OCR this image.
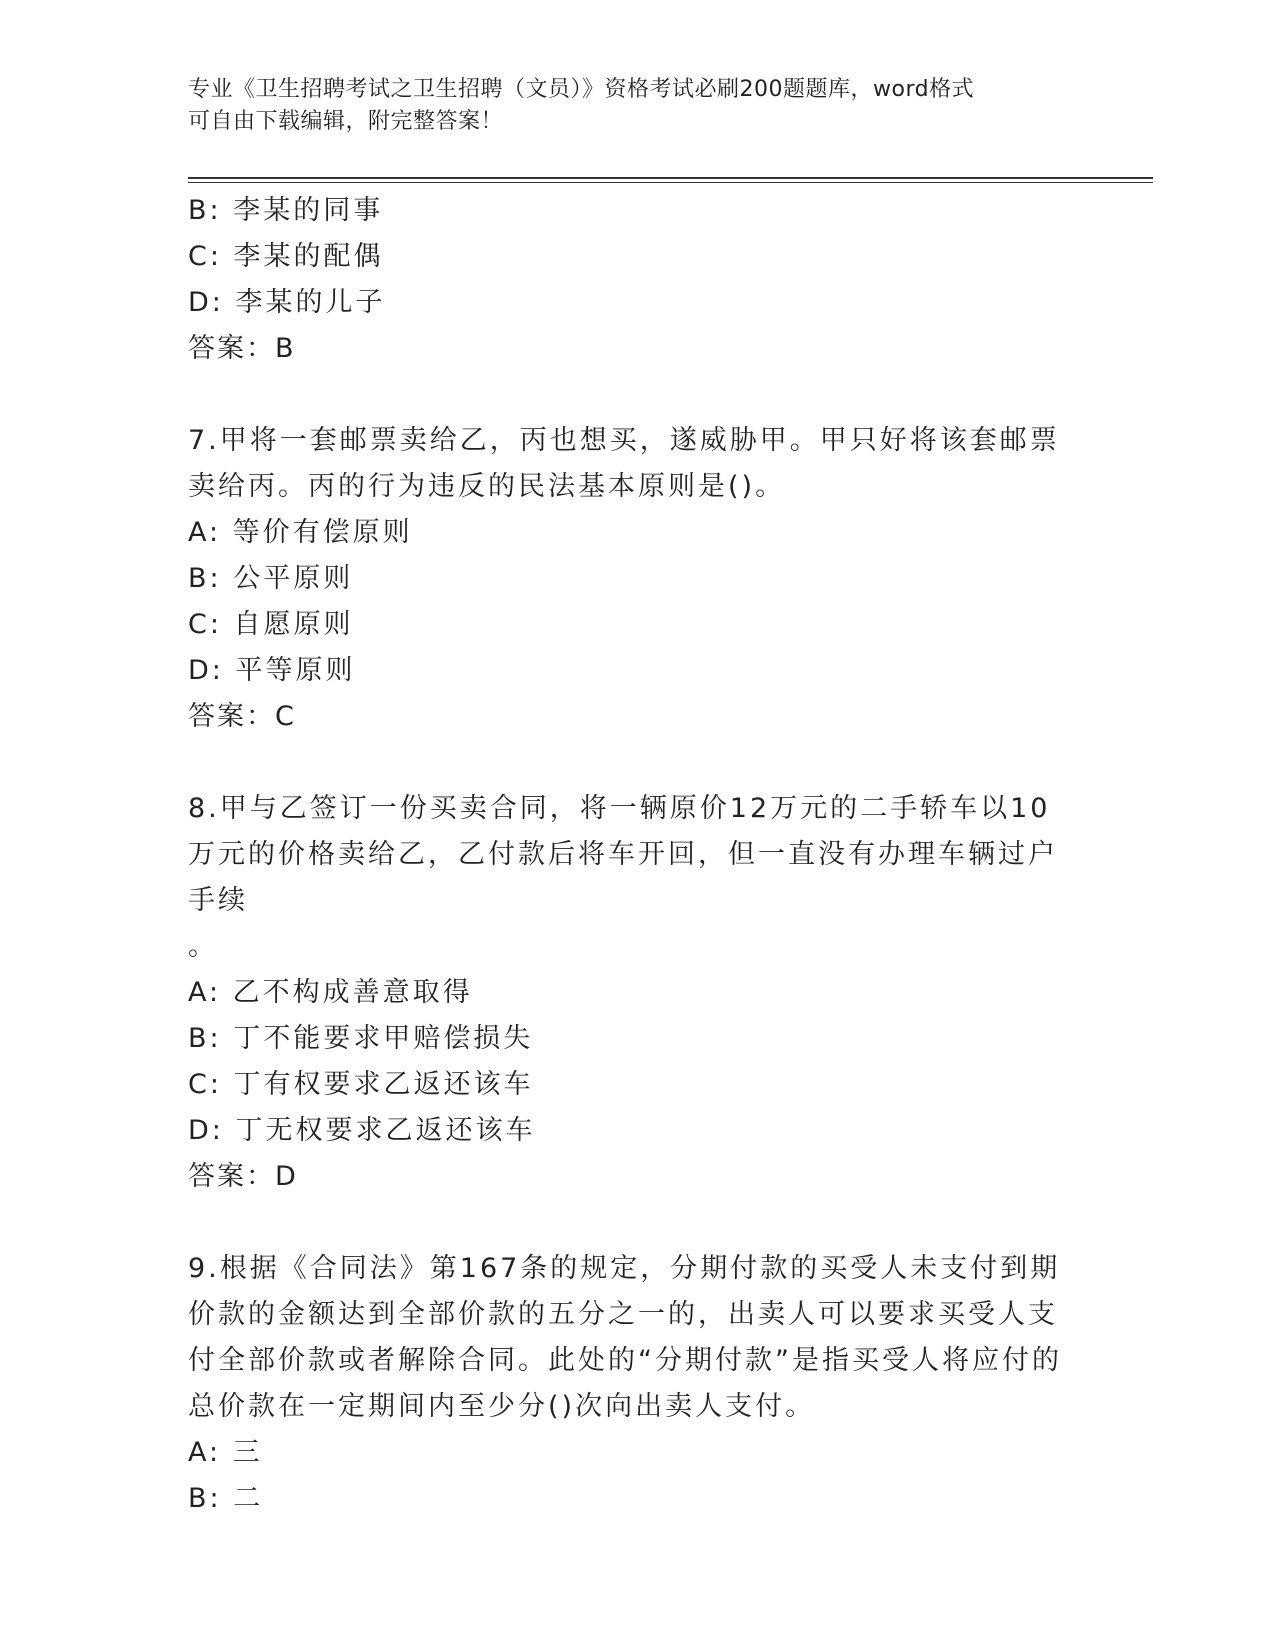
专业《卫生招聘考试之卫生招聘（文员）》资格考试必刷200题题库，word格式
可自由下载编辑，附完整答案！
B: 李某的同事
C: 李某的配偶
D: 李某的儿子
答案：B
7.甲将一套邮票卖给乙，丙也想买，遂威胁甲。甲只好将该套邮票卖给丙。丙的行为违反的民法基本原则是()。
A: 等价有偿原则
B: 公平原则
C: 自愿原则
D: 平等原则
答案：C
8.甲与乙签订一份买卖合同，将一辆原价12万元的二手轿车以10万元的价格卖给乙，乙付款后将车开回，但一直没有办理车辆过户手续
。
A: 乙不构成善意取得
B: 丁不能要求甲赔偿损失
C: 丁有权要求乙返还该车
D: 丁无权要求乙返还该车
答案：D
9.根据《合同法》第167条的规定，分期付款的买受人未支付到期价款的金额达到全部价款的五分之一的，出卖人可以要求买受人支付全部价款或者解除合同。此处的“分期付款”是指买受人将应付的总价款在一定期间内至少分()次向出卖人支付。
A: 三
B: 二
